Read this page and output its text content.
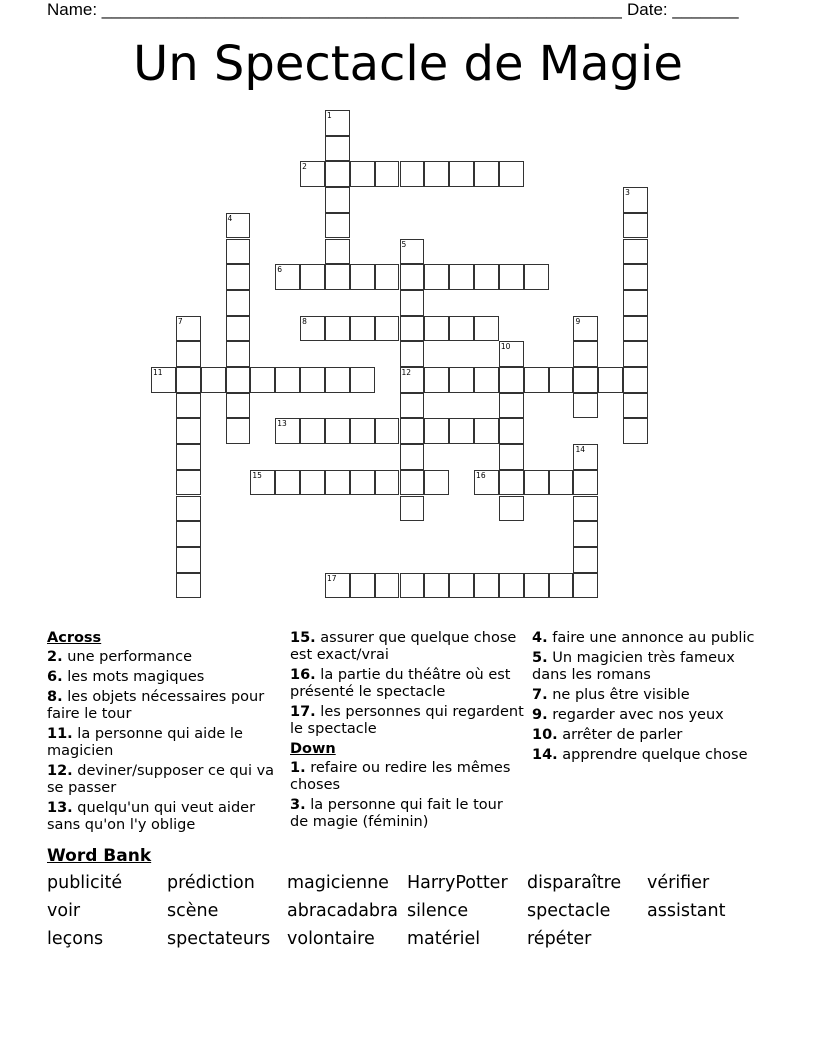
Name: _______________________________________________________ Date: _______
Un Spectacle de Magie
1
2
3
4
5
12
6
7	8	9
10
11
13
14
15	16
17
Across
2. une performance
6. les mots magiques
8. les objets nécessaires pour faire le tour
11. la personne qui aide le magicien
12. deviner/supposer ce qui va se passer
13. quelqu'un qui veut aider sans qu'on l'y oblige
15. assurer que quelque chose est exact/vrai
16. la partie du théâtre où est présenté le spectacle
17. les personnes qui regardent le spectacle
Down
1. refaire ou redire les mêmes choses
3. la personne qui fait le tour de magie (féminin)
4. faire une annonce au public
5. Un magicien très fameux dans les romans
7. ne plus être visible
9. regarder avec nos yeux
10. arrêter de parler
14. apprendre quelque chose
Word Bank
publicité	prédiction	magicienne	HarryPotter	disparaître	vérifier
voir	scène	abracadabra silence	spectacle	assistant
leçons	spectateurs volontaire	matériel	répéter
